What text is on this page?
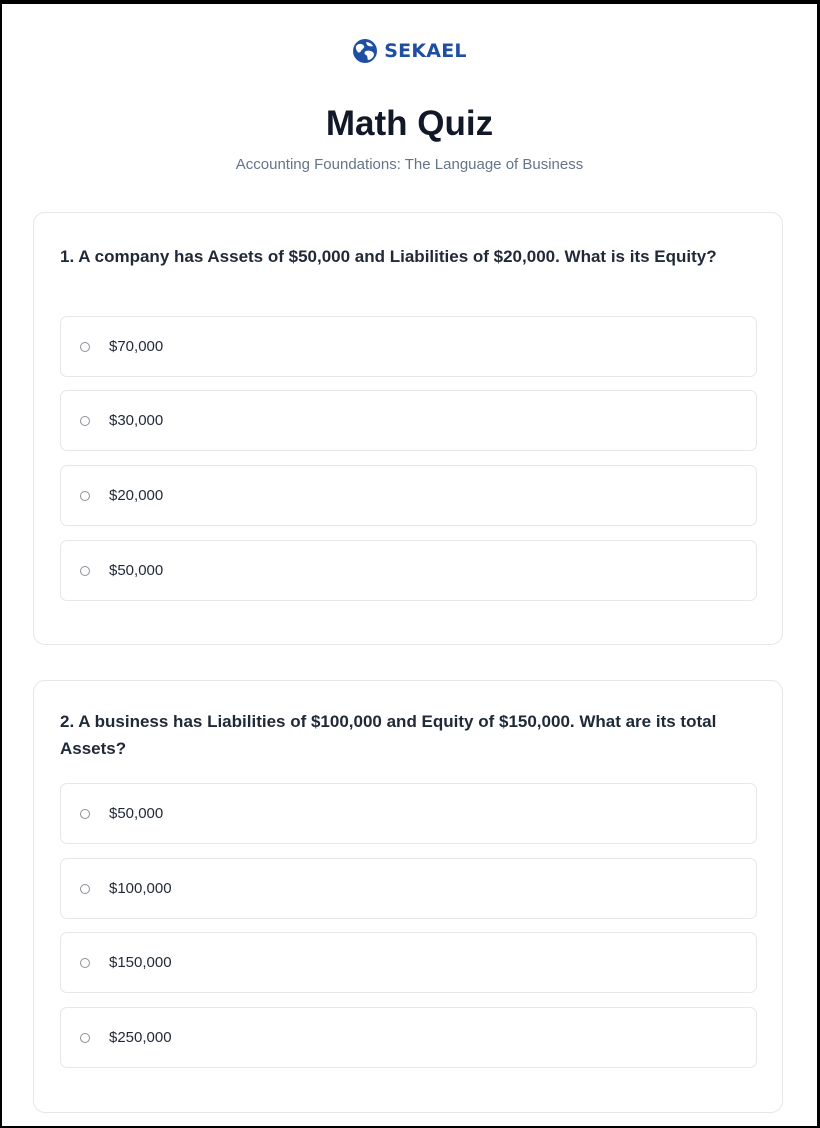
SEKAEL
Math Quiz
Accounting Foundations: The Language of Business
1. A company has Assets of $50,000 and Liabilities of $20,000. What is its Equity?
$70,000
$30,000
$20,000
$50,000
2. A business has Liabilities of $100,000 and Equity of $150,000. What are its total Assets?
$50,000
$100,000
$150,000
$250,000
